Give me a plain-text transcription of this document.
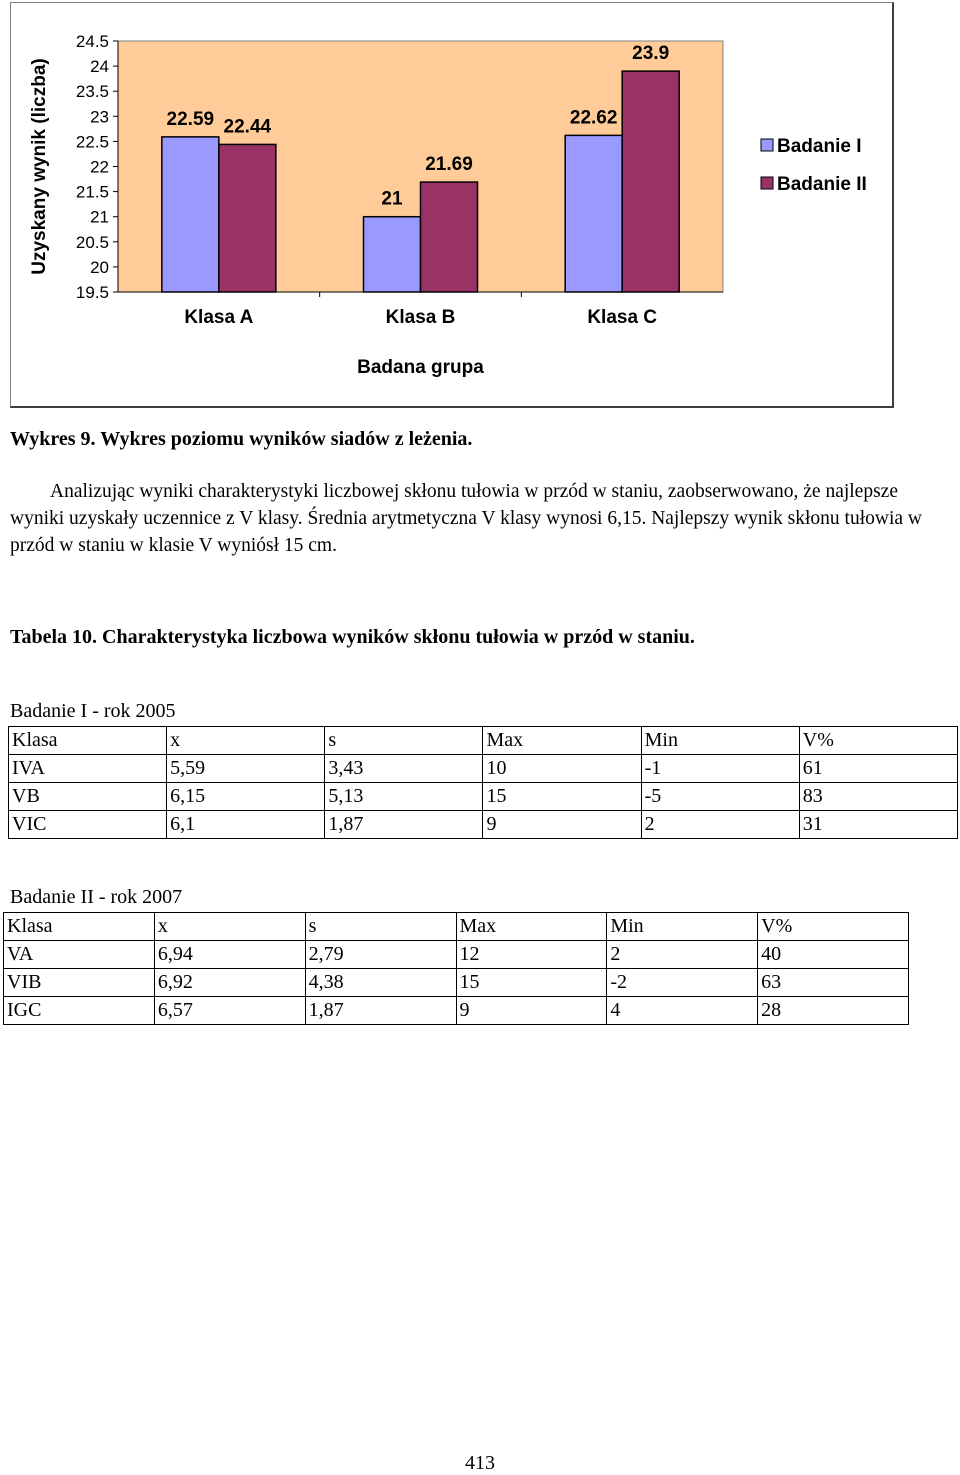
24.5
24
23.5
23
22.5
22
21.5
21
20.5
20
19.5
Uzyskany wynik (liczba)	22.59 22.44
Klasa A
21
21.69
Klasa B
22.62
23.9
Klasa C
Badana grupa
Badanie I
Badanie II
Wykres 9. Wykres poziomu wyników siadów z leżenia.

Analizując wyniki charakterystyki liczbowej skłonu tułowia w przód w staniu, zaobserwowano, że najlepsze wyniki uzyskały uczennice z V klasy. Średnia arytmetyczna V klasy wynosi 6,15. Najlepszy wynik skłonu tułowia w przód w staniu w klasie V wyniósł 15 cm.

Tabela 10. Charakterystyka liczbowa wyników skłonu tułowia w przód w staniu.
Badanie I - rok 2005
Klasa	x	s	Max	Min	V%
IVA	5,59	3,43	10	-1	61
VB	6,15	5,13	15	-5	83
VIC	6,1	1,87	9	2	31
Badanie II - rok 2007
Klasa	x	s	Max	Min	V%
VA	6,94	2,79	12	2	40
VIB	6,92	4,38	15	-2	63
IGC	6,57	1,87	9	4	28
413
